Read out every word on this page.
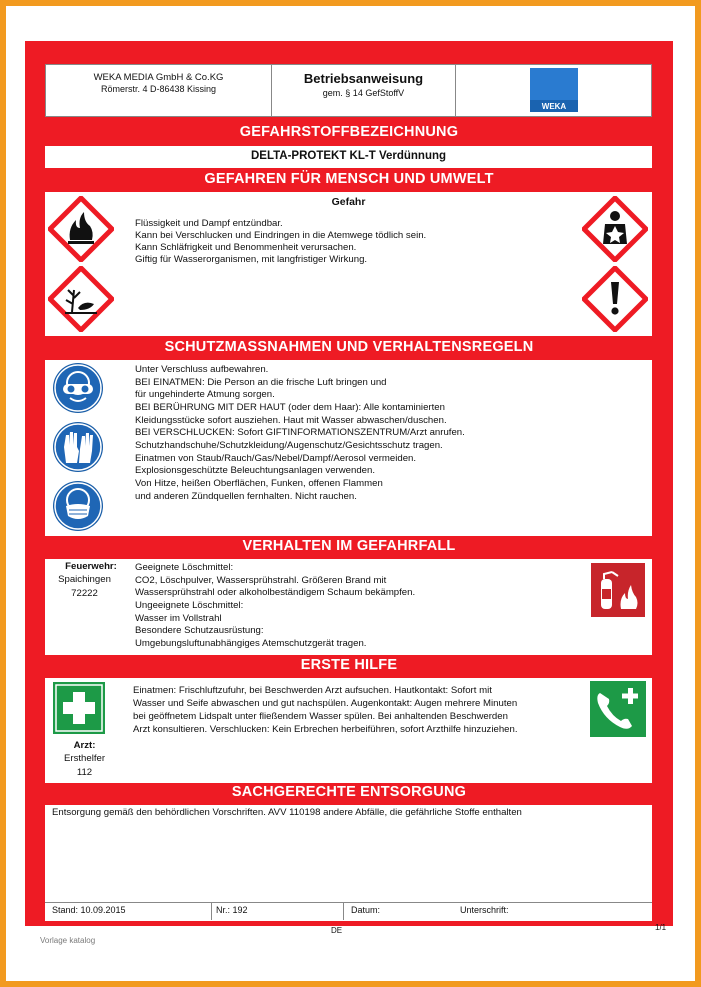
WEKA MEDIA GmbH & Co.KG
Römerstr. 4 D-86438 Kissing
Betriebsanweisung
gem. § 14 GefStoffV
WEKA
GEFAHRSTOFFBEZEICHNUNG
DELTA-PROTEKT KL-T Verdünnung
GEFAHREN FÜR MENSCH UND UMWELT
Gefahr
Flüssigkeit und Dampf entzündbar.
Kann bei Verschlucken und Eindringen in die Atemwege tödlich sein.
Kann Schläfrigkeit und Benommenheit verursachen.
Giftig für Wasserorganismen, mit langfristiger Wirkung.
SCHUTZMASSNAHMEN UND VERHALTENSREGELN
Unter Verschluss aufbewahren.
BEI EINATMEN: Die Person an die frische Luft bringen und
für ungehinderte Atmung sorgen.
BEI BERÜHRUNG MIT DER HAUT (oder dem Haar): Alle kontaminierten
Kleidungsstücke sofort ausziehen. Haut mit Wasser abwaschen/duschen.
BEI VERSCHLUCKEN: Sofort GIFTINFORMATIONSZENTRUM/Arzt anrufen.
Schutzhandschuhe/Schutzkleidung/Augenschutz/Gesichtsschutz tragen.
Einatmen von Staub/Rauch/Gas/Nebel/Dampf/Aerosol vermeiden.
Explosionsgeschützte Beleuchtungsanlagen verwenden.
Von Hitze, heißen Oberflächen, Funken, offenen Flammen
und anderen Zündquellen fernhalten. Nicht rauchen.
VERHALTEN IM GEFAHRFALL
Feuerwehr:
Spaichingen
72222
Geeignete Löschmittel:
CO2, Löschpulver, Wassersprühstrahl. Größeren Brand mit
Wassersprühstrahl oder alkoholbeständigem Schaum bekämpfen.
Ungeeignete Löschmittel:
Wasser im Vollstrahl
Besondere Schutzausrüstung:
Umgebungsluftunabhängiges Atemschutzgerät tragen.
ERSTE HILFE
Arzt:
Ersthelfer
112
Einatmen: Frischluftzufuhr, bei Beschwerden Arzt aufsuchen. Hautkontakt: Sofort mit
Wasser und Seife abwaschen und gut nachspülen. Augenkontakt: Augen mehrere Minuten
bei geöffnetem Lidspalt unter fließendem Wasser spülen. Bei anhaltenden Beschwerden
Arzt konsultieren. Verschlucken: Kein Erbrechen herbeiführen, sofort Arzthilfe hinzuziehen.
SACHGERECHTE ENTSORGUNG
Entsorgung gemäß den behördlichen Vorschriften. AVV 110198 andere Abfälle, die gefährliche Stoffe enthalten
Stand: 10.09.2015	Nr.: 192	Datum:	Unterschrift:
DE	1/1
Vorlage katalog
